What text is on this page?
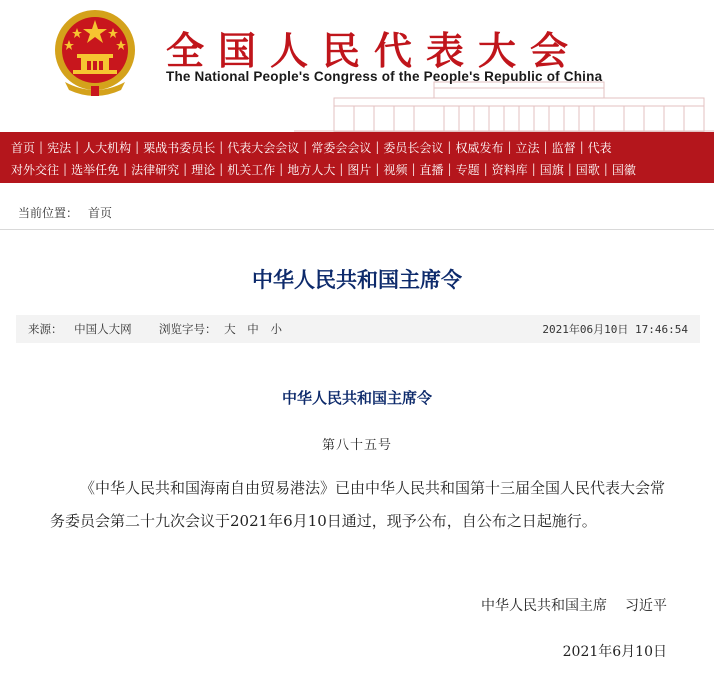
全国人民代表大会
The National People's Congress of the People's Republic of China
首页 | 宪法 | 人大机构 | 栗战书委员长 | 代表大会会议 | 常委会会议 | 委员长会议 | 权威发布 | 立法 | 监督 | 代表
对外交往 | 选举任免 | 法律研究 | 理论 | 机关工作 | 地方人大 | 图片 | 视频 | 直播 | 专题 | 资料库 | 国旗 | 国歌 | 国徽
当前位置： 首页
中华人民共和国主席令
来源： 中国人大网 浏览字号： 大 中 小	2021年06月10日 17:46:54
中华人民共和国主席令
第八十五号
《中华人民共和国海南自由贸易港法》已由中华人民共和国第十三届全国人民代表大会常务委员会第二十九次会议于2021年6月10日通过，现予公布，自公布之日起施行。
中华人民共和国主席 习近平
2021年6月10日
